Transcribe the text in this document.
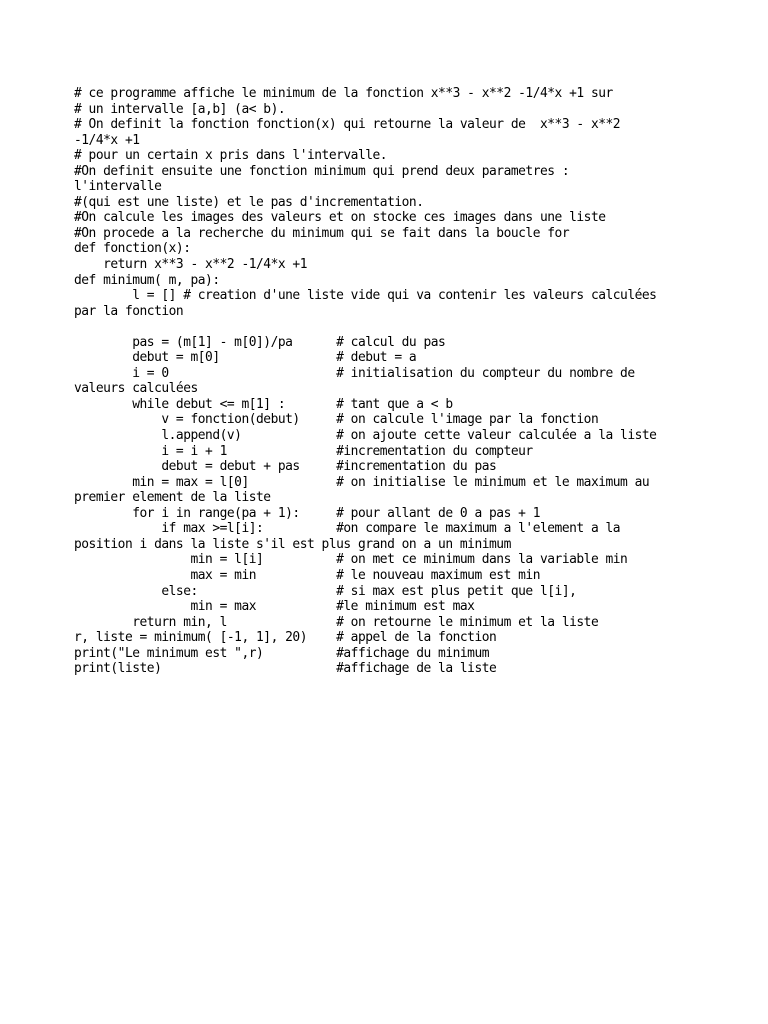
# ce programme affiche le minimum de la fonction x**3 - x**2 -1/4*x +1 sur
# un intervalle [a,b] (a< b).
# On definit la fonction fonction(x) qui retourne la valeur de  x**3 - x**2
-1/4*x +1
# pour un certain x pris dans l'intervalle.
#On definit ensuite une fonction minimum qui prend deux parametres :
l'intervalle
#(qui est une liste) et le pas d'incrementation.
#On calcule les images des valeurs et on stocke ces images dans une liste
#On procede a la recherche du minimum qui se fait dans la boucle for
def fonction(x):
return x**3 - x**2 -1/4*x +1
def minimum( m, pa):
l = [] # creation d'une liste vide qui va contenir les valeurs calculées
par la fonction
pas = (m[1] - m[0])/pa      # calcul du pas
debut = m[0]                # debut = a
i = 0                       # initialisation du compteur du nombre de
valeurs calculées
while debut <= m[1] :       # tant que a < b
v = fonction(debut)     # on calcule l'image par la fonction
l.append(v)             # on ajoute cette valeur calculée a la liste
i = i + 1               #incrementation du compteur
debut = debut + pas     #incrementation du pas
min = max = l[0]            # on initialise le minimum et le maximum au
premier element de la liste
for i in range(pa + 1):     # pour allant de 0 a pas + 1
if max >=l[i]:          #on compare le maximum a l'element a la
position i dans la liste s'il est plus grand on a un minimum
min = l[i]          # on met ce minimum dans la variable min
max = min           # le nouveau maximum est min
else:                   # si max est plus petit que l[i],
min = max           #le minimum est max
return min, l               # on retourne le minimum et la liste
r, liste = minimum( [-1, 1], 20)    # appel de la fonction
print("Le minimum est ",r)          #affichage du minimum
print(liste)                        #affichage de la liste
